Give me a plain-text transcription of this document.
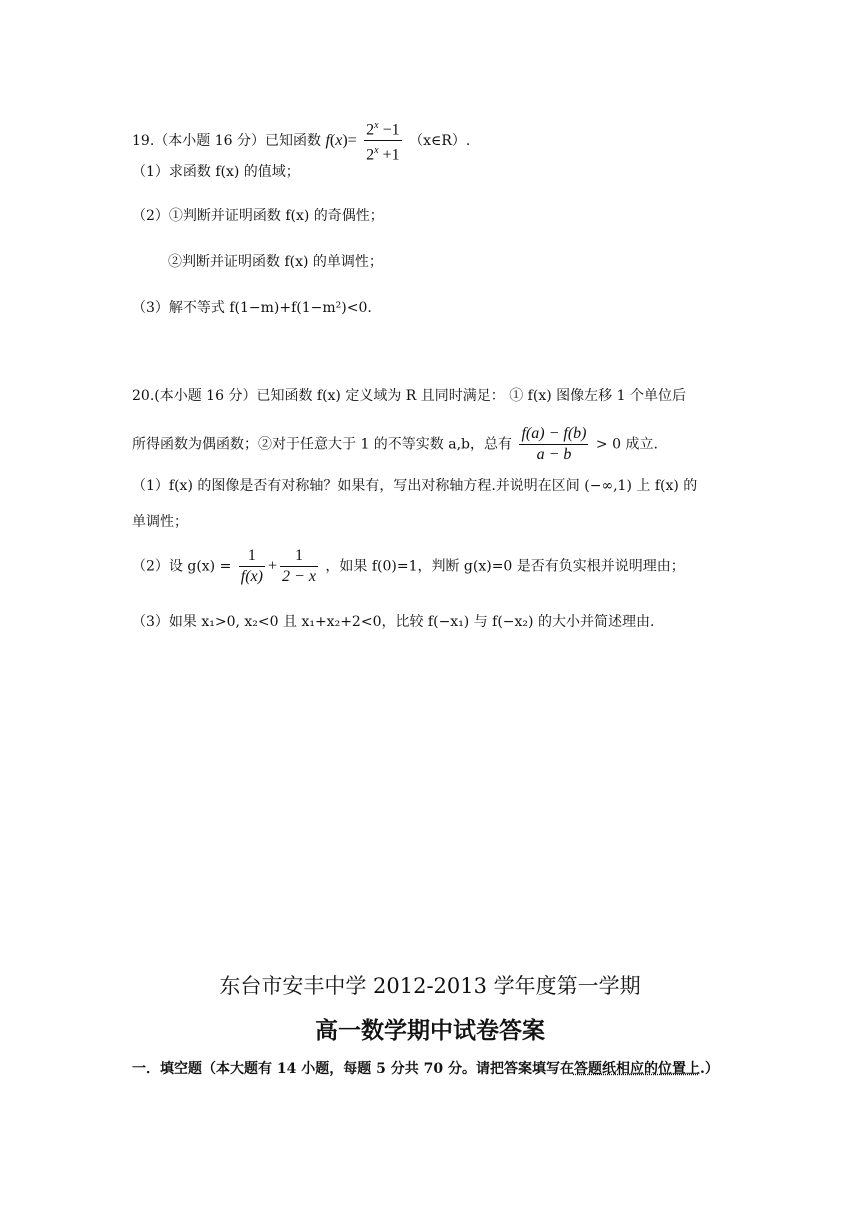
19.（本小题 16 分）已知函数 $f(x)= \frac{2^x -1}{2^x +1}$ （x∈R）.
（1）求函数 f(x) 的值域；
（2）①判断并证明函数 f(x) 的奇偶性；
②判断并证明函数 f(x) 的单调性；
（3）解不等式 f(1−m)+f(1−m²)<0.
20.(本小题 16 分）已知函数 f(x) 定义域为 R 且同时满足： ① f(x) 图像左移 1 个单位后
所得函数为偶函数；②对于任意大于 1 的不等实数 a,b，总有 $\frac{f(a) - f(b)}{a - b} > 0$ 成立.
（1）f(x) 的图像是否有对称轴？如果有，写出对称轴方程.并说明在区间 (−∞,1) 上 f(x) 的
单调性；
（2）设 $g(x) = \frac{1}{f(x)} + \frac{1}{2 - x}$ ，如果 f(0)=1，判断 g(x)=0 是否有负实根并说明理由；
（3）如果 x₁>0, x₂<0 且 x₁+x₂+2<0，比较 f(−x₁) 与 f(−x₂) 的大小并简述理由.
东台市安丰中学 2012-2013 学年度第一学期
高一数学期中试卷答案
一．填空题（本大题有 14 小题，每题 5 分共 70 分。请把答案填写在答题纸相应的位置上.）
